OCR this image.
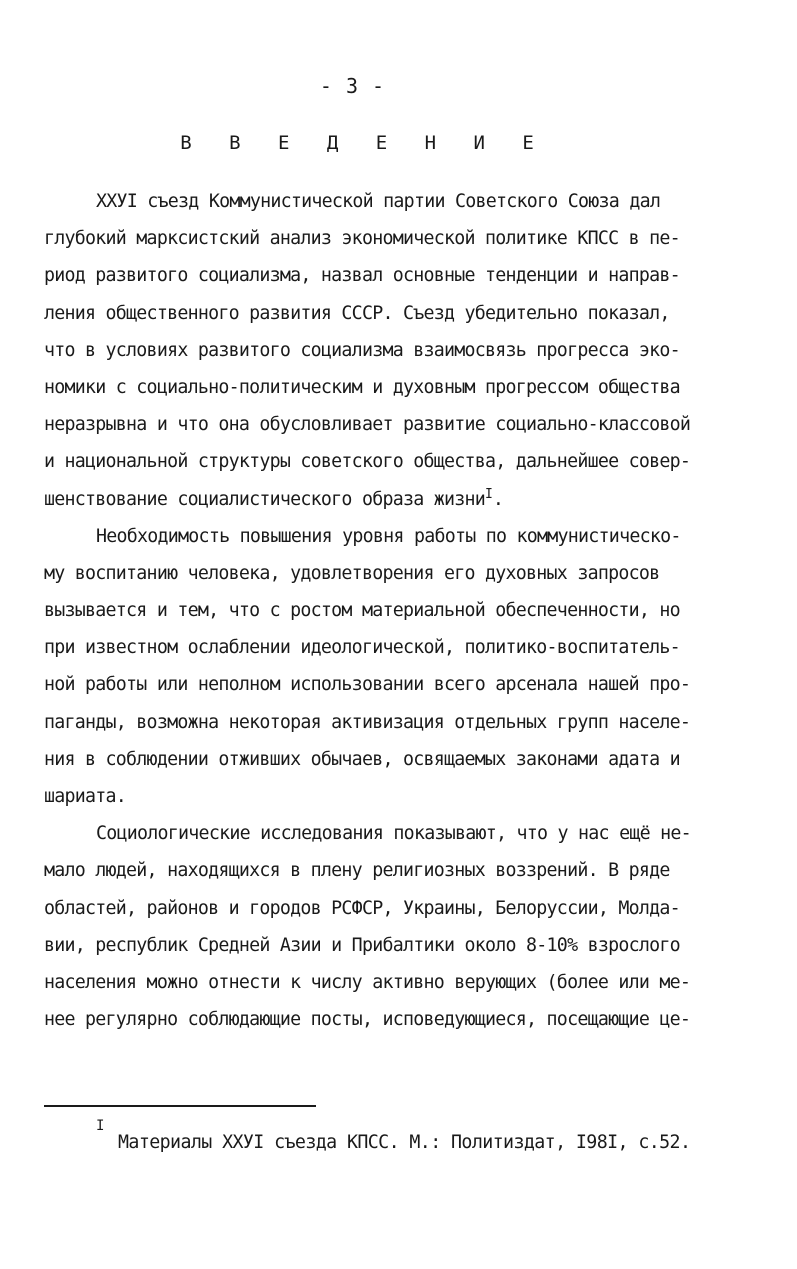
- 3 -
В В Е Д Е Н И Е
ХХУI съезд Коммунистической партии Советского Союза дал
глубокий марксистский анализ экономической политике КПСС в пе-
риод развитого социализма, назвал основные тенденции и направ-
ления общественного развития СССР. Съезд убедительно показал,
что в условиях развитого социализма взаимосвязь прогресса эко-
номики с социально-политическим и духовным прогрессом общества
неразрывна и что она обусловливает развитие социально-классовой
и национальной структуры советского общества, дальнейшее совер-
шенствование социалистического образа жизни$^I$.
Необходимость повышения уровня работы по коммунистическо-
му воспитанию человека, удовлетворения его духовных запросов
вызывается и тем, что с ростом материальной обеспеченности, но
при известном ослаблении идеологической, политико-воспитатель-
ной работы или неполном использовании всего арсенала нашей про-
паганды, возможна некоторая активизация отдельных групп населе-
ния в соблюдении отживших обычаев, освящаемых законами адата и
шариата.
Социологические исследования показывают, что у нас ещё не-
мало людей, находящихся в плену религиозных воззрений. В ряде
областей, районов и городов РСФСР, Украины, Белоруссии, Молда-
вии, республик Средней Азии и Прибалтики около 8-10% взрослого
населения можно отнести к числу активно верующих (более или ме-
нее регулярно соблюдающие посты, исповедующиеся, посещающие це-
I
Материалы ХХУI съезда КПСС. М.: Политиздат, I98I, с.52.
